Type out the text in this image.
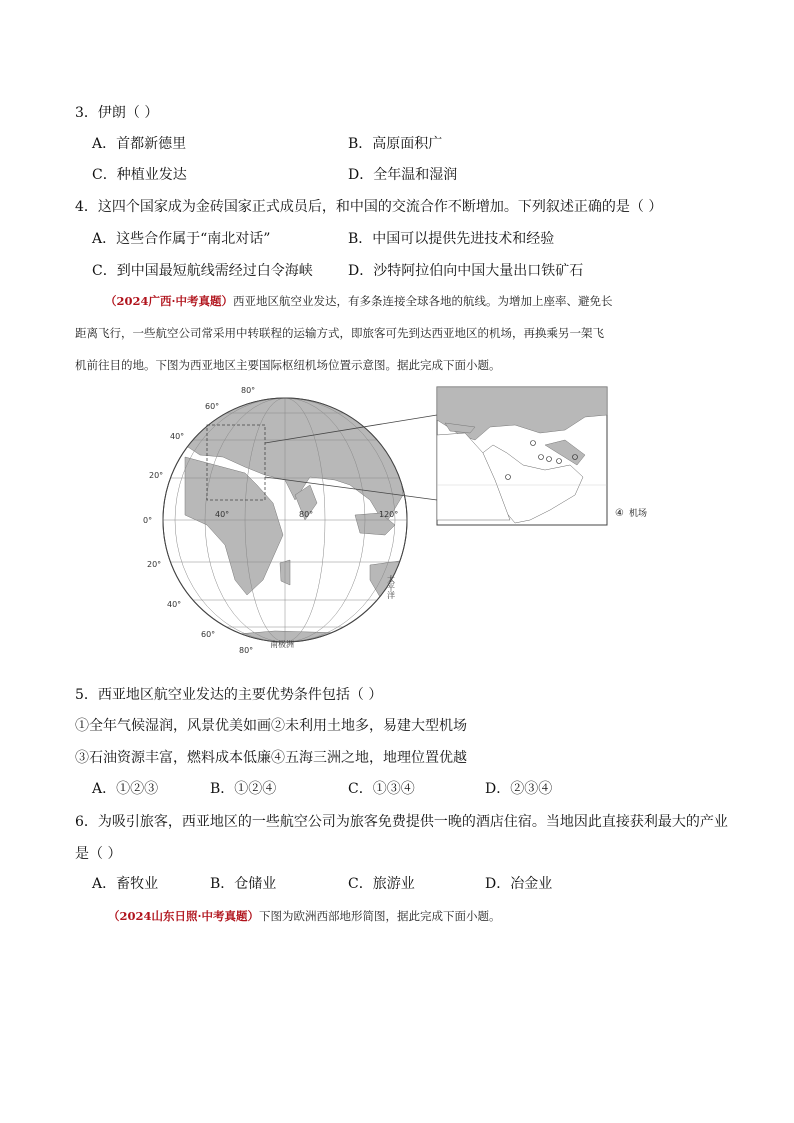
3．伊朗（ ）
A．首都新德里	B．高原面积广
C．种植业发达	D．全年温和湿润
4．这四个国家成为金砖国家正式成员后，和中国的交流合作不断增加。下列叙述正确的是（ ）
A．这些合作属于“南北对话”	B．中国可以提供先进技术和经验
C．到中国最短航线需经过白令海峡	D．沙特阿拉伯向中国大量出口铁矿石
（2024广西·中考真题）西亚地区航空业发达，有多条连接全球各地的航线。为增加上座率、避免长
距离飞行，一些航空公司常采用中转联程的运输方式，即旅客可先到达西亚地区的机场，再换乘另一架飞
机前往目的地。下图为西亚地区主要国际枢纽机场位置示意图。据此完成下面小题。
80°
60°
40°
20°
0°
20°
40°
60°
80°
40°	80°	120°
南极洲
太平洋
④ 机场
5．西亚地区航空业发达的主要优势条件包括（ ）
①全年气候湿润，风景优美如画②未利用土地多，易建大型机场
③石油资源丰富，燃料成本低廉④五海三洲之地，地理位置优越
A．①②③	B．①②④	C．①③④	D．②③④
6．为吸引旅客，西亚地区的一些航空公司为旅客免费提供一晚的酒店住宿。当地因此直接获利最大的产业
是（ ）
A．畜牧业	B．仓储业	C．旅游业	D．冶金业
（2024山东日照·中考真题）下图为欧洲西部地形简图，据此完成下面小题。
